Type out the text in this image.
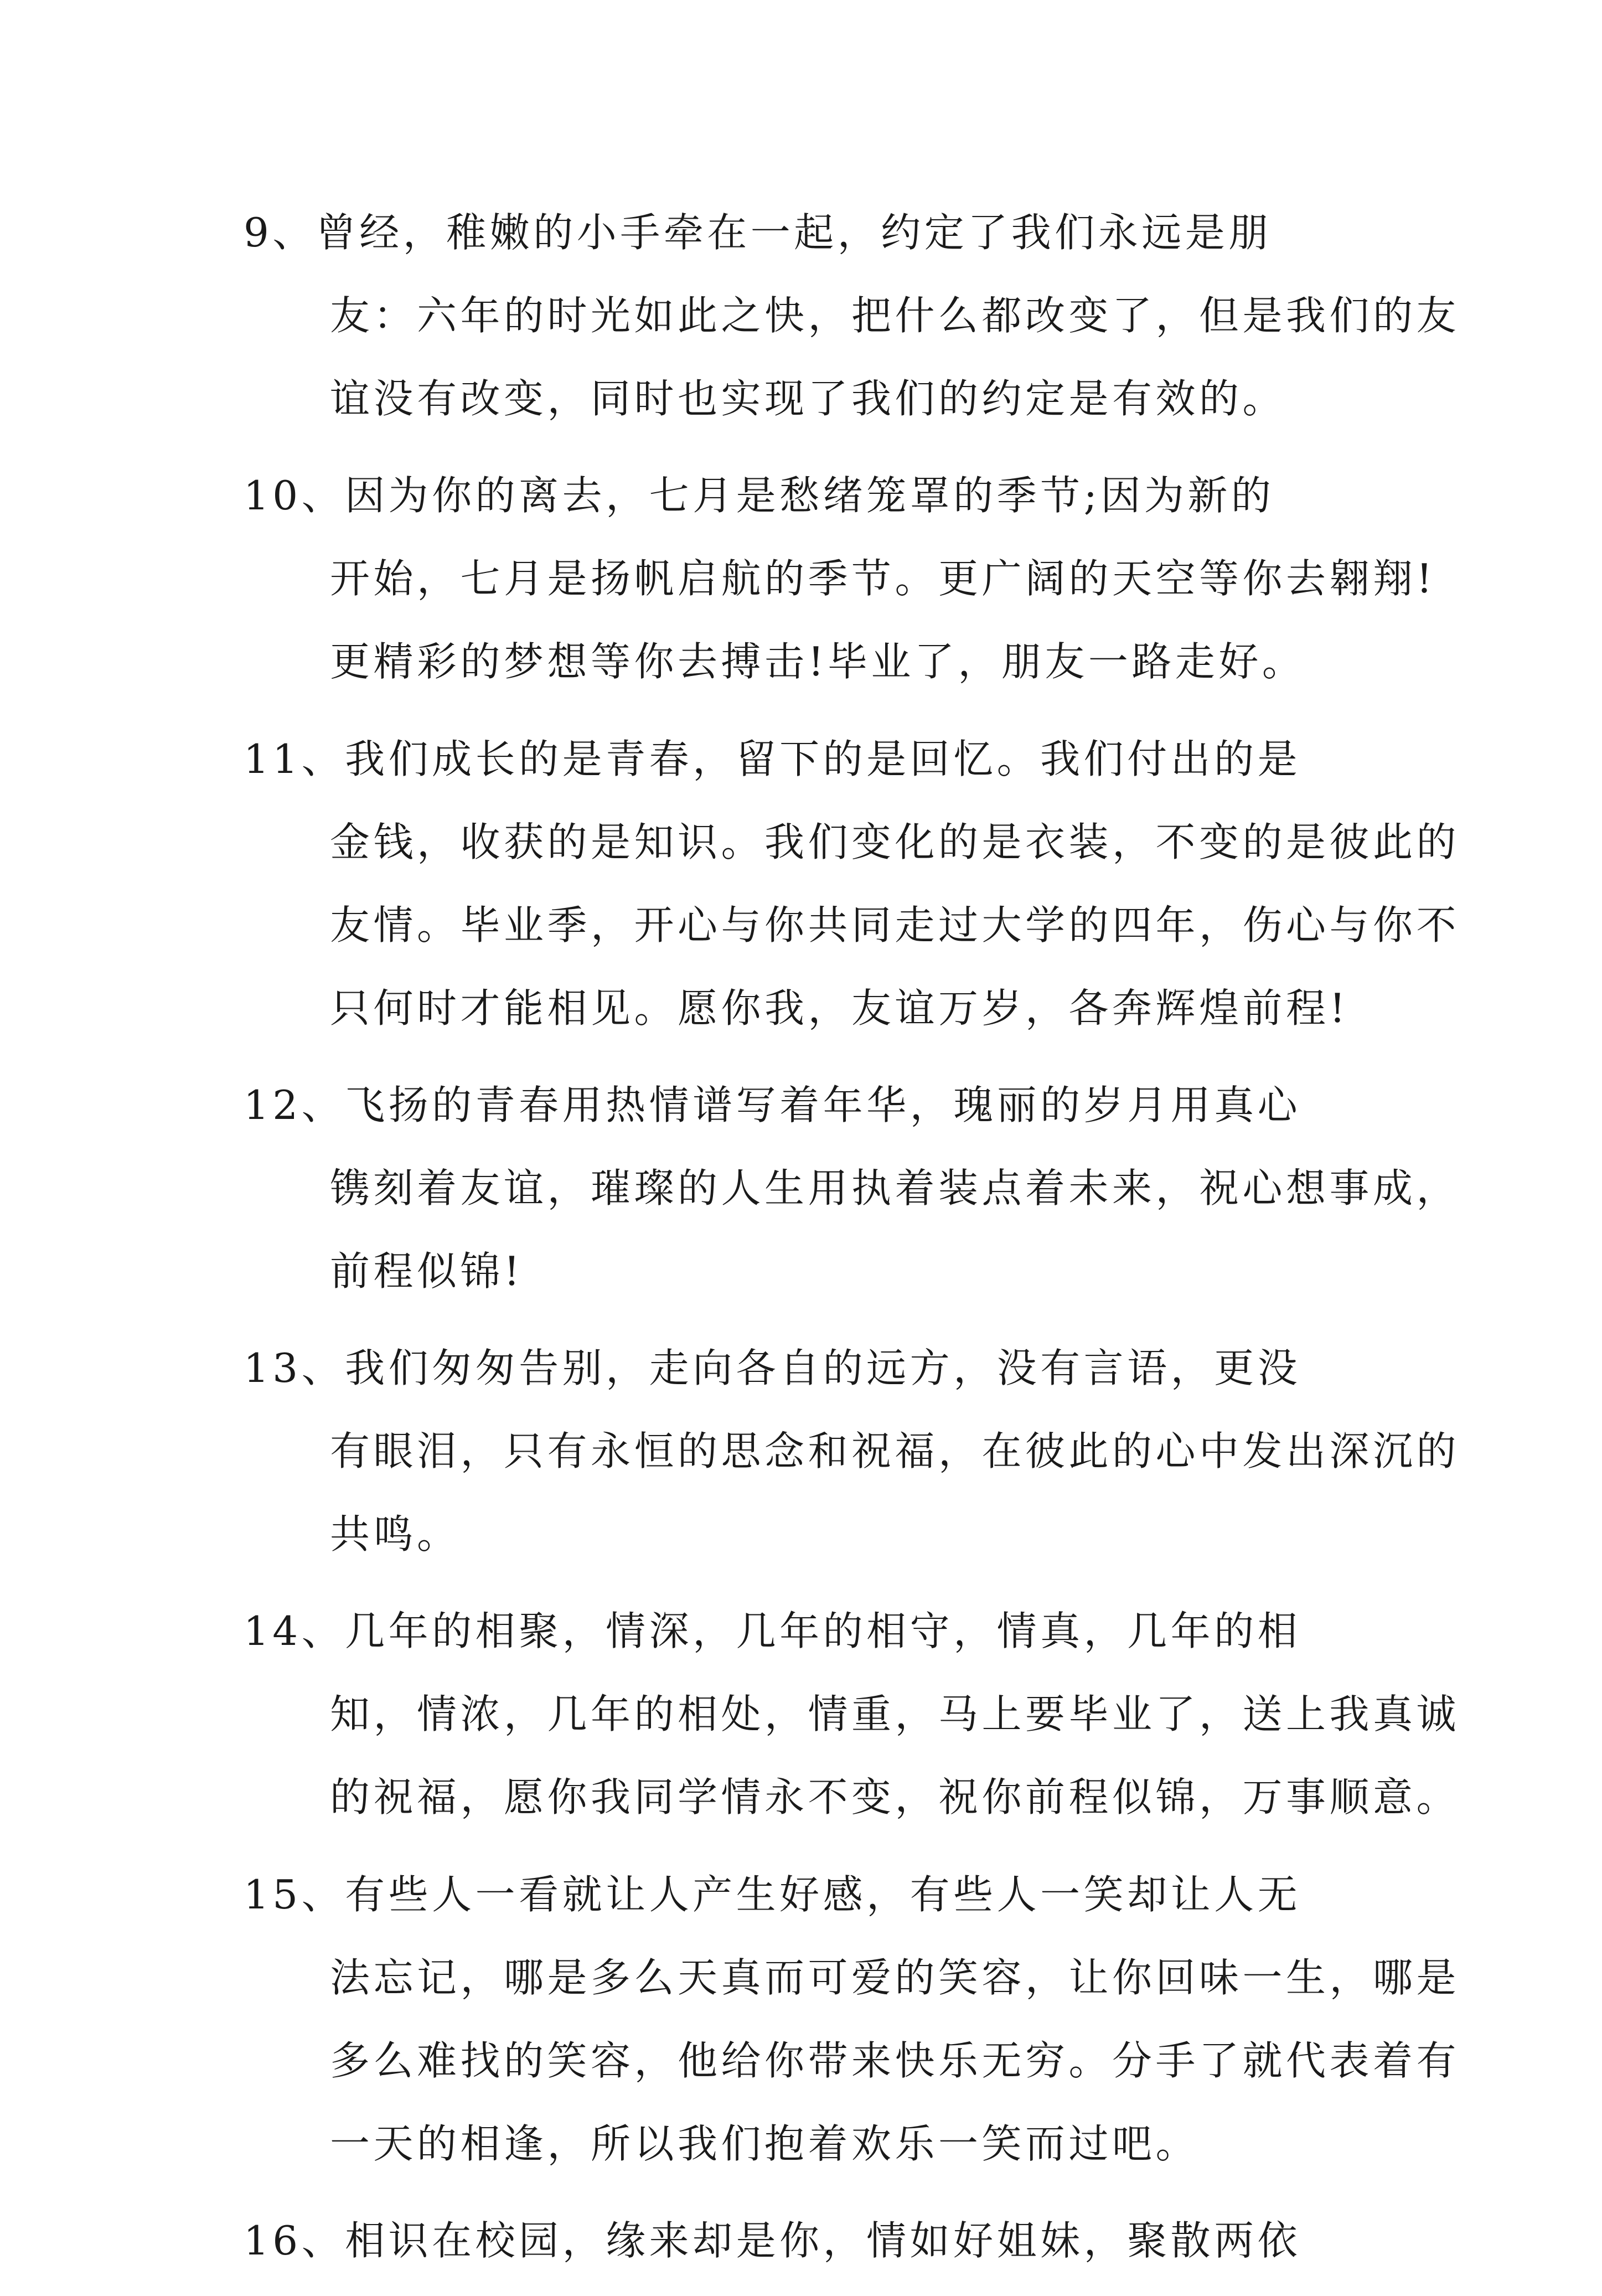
9、曾经，稚嫩的小手牵在一起，约定了我们永远是朋
友：六年的时光如此之快，把什么都改变了，但是我们的友
谊没有改变，同时也实现了我们的约定是有效的。

10、因为你的离去，七月是愁绪笼罩的季节;因为新的
开始，七月是扬帆启航的季节。更广阔的天空等你去翱翔!
更精彩的梦想等你去搏击!毕业了，朋友一路走好。

11、我们成长的是青春，留下的是回忆。我们付出的是
金钱，收获的是知识。我们变化的是衣装，不变的是彼此的
友情。毕业季，开心与你共同走过大学的四年，伤心与你不
只何时才能相见。愿你我，友谊万岁，各奔辉煌前程!

12、飞扬的青春用热情谱写着年华，瑰丽的岁月用真心
镌刻着友谊，璀璨的人生用执着装点着未来，祝心想事成，
前程似锦!

13、我们匆匆告别，走向各自的远方，没有言语，更没
有眼泪，只有永恒的思念和祝福，在彼此的心中发出深沉的
共鸣。

14、几年的相聚，情深，几年的相守，情真，几年的相
知，情浓，几年的相处，情重，马上要毕业了，送上我真诚
的祝福，愿你我同学情永不变，祝你前程似锦，万事顺意。

15、有些人一看就让人产生好感，有些人一笑却让人无
法忘记，哪是多么天真而可爱的笑容，让你回味一生，哪是
多么难找的笑容，他给你带来快乐无穷。分手了就代表着有
一天的相逢，所以我们抱着欢乐一笑而过吧。

16、相识在校园，缘来却是你，情如好姐妹，聚散两依
